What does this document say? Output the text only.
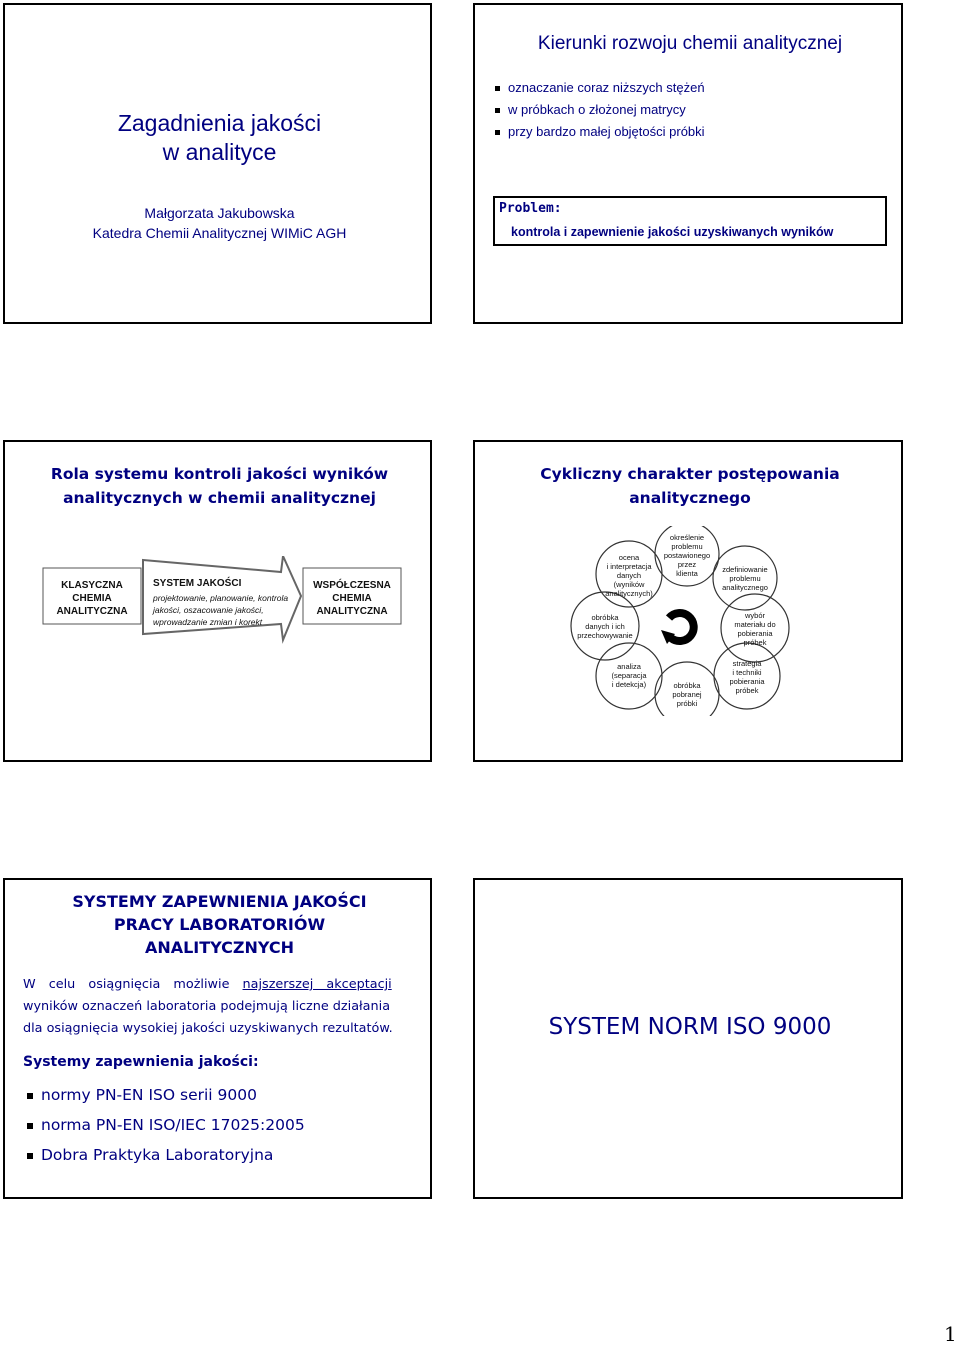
Zagadnienia jakości
w analityce
Małgorzata Jakubowska
Katedra Chemii Analitycznej WIMiC AGH
Kierunki rozwoju chemii analitycznej
oznaczanie coraz niższych stężeń
w próbkach o złożonej matrycy
przy bardzo małej objętości próbki
Problem:
kontrola i zapewnienie jakości uzyskiwanych wyników
Rola systemu kontroli jakości wyników
analitycznych w chemii analitycznej
KLASYCZNA
CHEMIA
ANALITYCZNA
WSPÓŁCZESNA
CHEMIA
ANALITYCZNA
SYSTEM JAKOŚCI
projektowanie, planowanie, kontrola
jakości, oszacowanie jakości,
wprowadzanie zmian i korekt
Cykliczny charakter postępowania
analitycznego
określenie
problemu
postawionego
przez
klienta	zdefiniowanie
problemu
analitycznego
wybór
materiału do
pobierania
próbek
strategia
i techniki
pobierania
próbek
obróbka
pobranej
próbki
analiza
(separacja
i detekcja)
obróbka
danych i ich
przechowywanie
ocena
i interpretacja
danych
(wyników
analitycznych)
SYSTEMY ZAPEWNIENIA JAKOŚCI
PRACY LABORATORIÓW
ANALITYCZNYCH
W celu osiągnięcia możliwie najszerszej akceptacji
wyników oznaczeń laboratoria podejmują liczne działania
dla osiągnięcia wysokiej jakości uzyskiwanych rezultatów.
Systemy zapewnienia jakości:
normy PN-EN ISO serii 9000
norma PN-EN ISO/IEC 17025:2005
Dobra Praktyka Laboratoryjna
SYSTEM NORM ISO 9000
1
